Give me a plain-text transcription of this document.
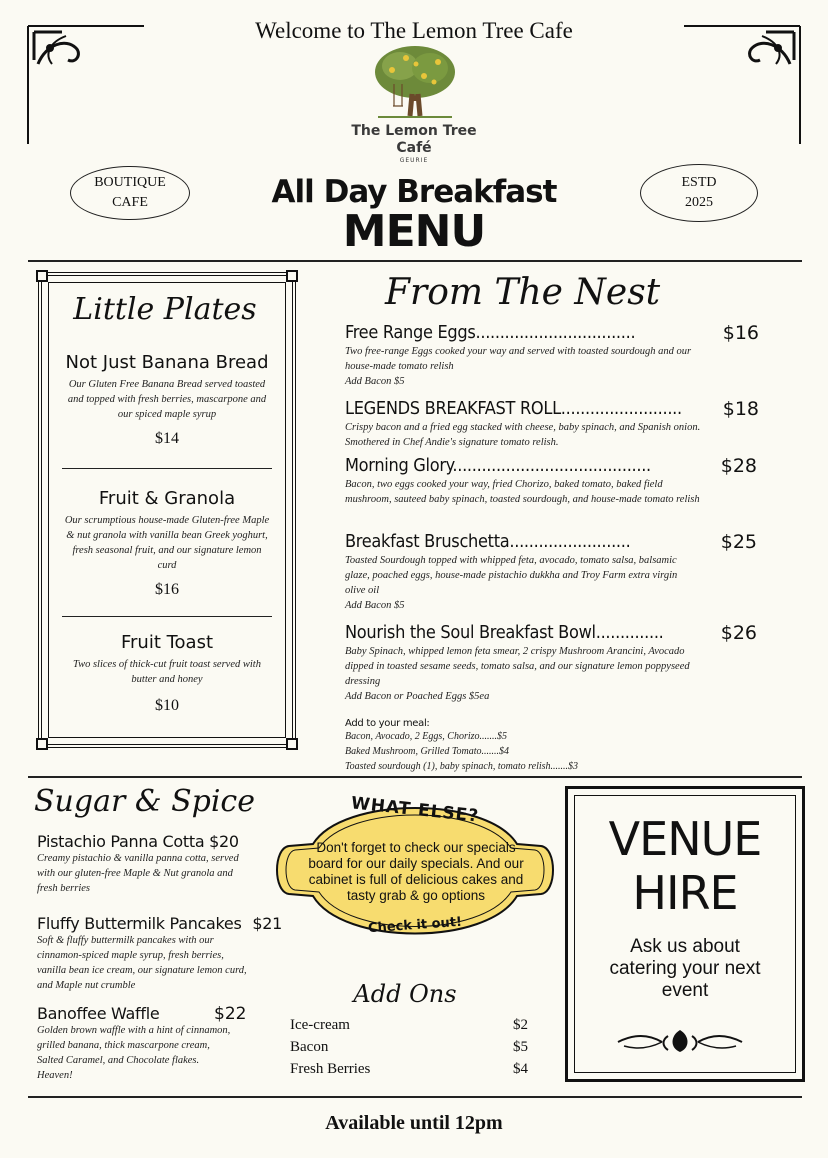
Welcome to The Lemon Tree Cafe
The Lemon Tree
Café
GEURIE
BOUTIQUE
CAFE
ESTD
2025
All Day Breakfast
MENU
Little Plates
Not Just Banana Bread
Our Gluten Free Banana Bread served toasted and topped with fresh berries, mascarpone and our spiced maple syrup
$14
Fruit & Granola
Our scrumptious house-made Gluten-free Maple & nut granola with vanilla bean Greek yoghurt, fresh seasonal fruit, and our signature lemon curd
$16
Fruit Toast
Two slices of thick-cut fruit toast served with butter and honey
$10
From The Nest
Free Range Eggs.................................	$16
Two free-range Eggs cooked your way and served with toasted sourdough and our house-made tomato relish
Add Bacon $5
LEGENDS BREAKFAST ROLL.........................	$18
Crispy bacon and a fried egg stacked with cheese, baby spinach, and Spanish onion. Smothered in Chef Andie's signature tomato relish.
Morning Glory.........................................	$28
Bacon, two eggs cooked your way, fried Chorizo, baked tomato, baked field mushroom, sauteed baby spinach, toasted sourdough, and house-made tomato relish
Breakfast Bruschetta.........................	$25
Toasted Sourdough topped with whipped feta, avocado, tomato salsa, balsamic glaze, poached eggs, house-made pistachio dukkha and Troy Farm extra virgin olive oil
Add Bacon $5
Nourish the Soul Breakfast Bowl..............	$26
Baby Spinach, whipped lemon feta smear, 2 crispy Mushroom Arancini, Avocado dipped in toasted sesame seeds, tomato salsa, and our signature lemon poppyseed dressing
Add Bacon or Poached Eggs $5ea
Add to your meal:
Bacon, Avocado, 2 Eggs, Chorizo.......$5
Baked Mushroom, Grilled Tomato.......$4
Toasted sourdough (1), baby spinach, tomato relish.......$3
Sugar & Spice
Pistachio Panna Cotta $20
Creamy pistachio & vanilla panna cotta, served with our gluten-free Maple & Nut granola and fresh berries
Fluffy Buttermilk Pancakes $21
Soft & fluffy buttermilk pancakes with our cinnamon-spiced maple syrup, fresh berries, vanilla bean ice cream, our signature lemon curd, and Maple nut crumble
Banoffee Waffle	$22
Golden brown waffle with a hint of cinnamon, grilled banana, thick mascarpone cream, Salted Caramel, and Chocolate flakes. Heaven!
WHAT ELSE?
Don't forget to check our specials board for our daily specials. And our cabinet is full of delicious cakes and tasty grab & go options
Check it out!
Add Ons
Ice-cream	$2
Bacon	$5
Fresh Berries	$4
VENUE
HIRE
Ask us about catering your next event
Available until 12pm
